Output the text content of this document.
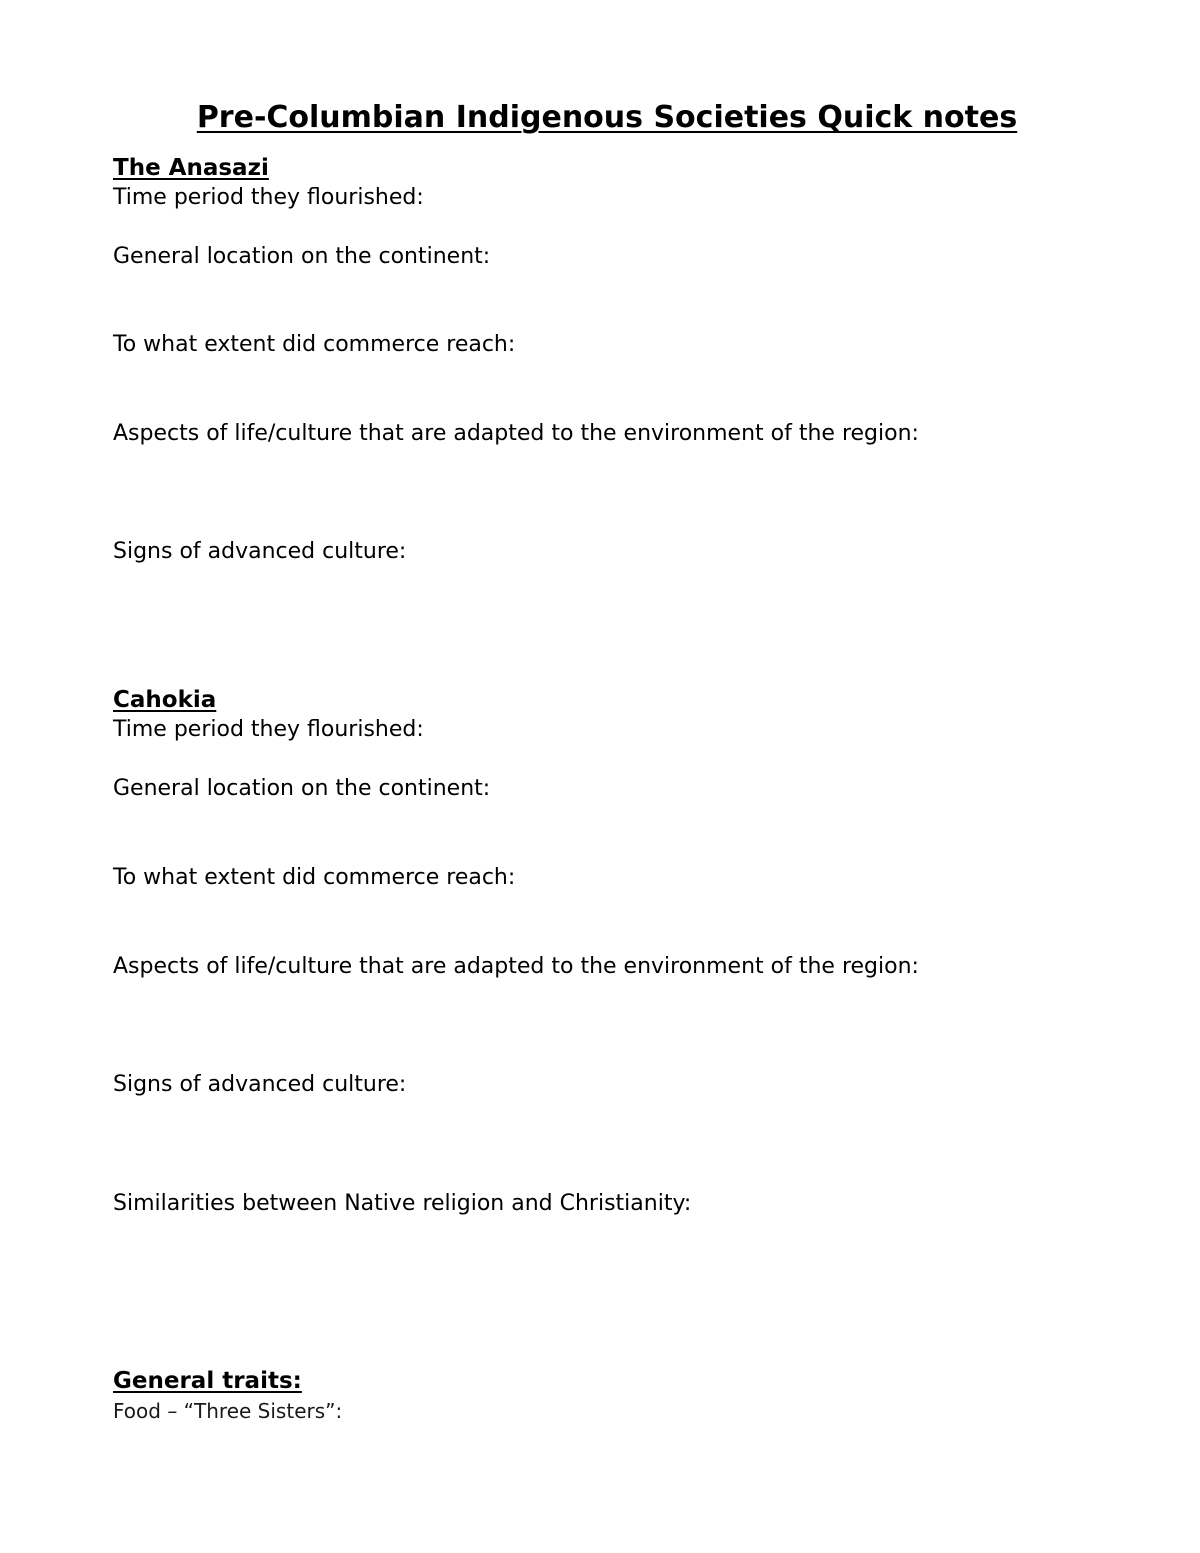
Pre-Columbian Indigenous Societies Quick notes
The Anasazi
Time period they flourished:
General location on the continent:
To what extent did commerce reach:
Aspects of life/culture that are adapted to the environment of the region:
Signs of advanced culture:
Cahokia
Time period they flourished:
General location on the continent:
To what extent did commerce reach:
Aspects of life/culture that are adapted to the environment of the region:
Signs of advanced culture:
Similarities between Native religion and Christianity:
General traits:
Food – “Three Sisters”:
